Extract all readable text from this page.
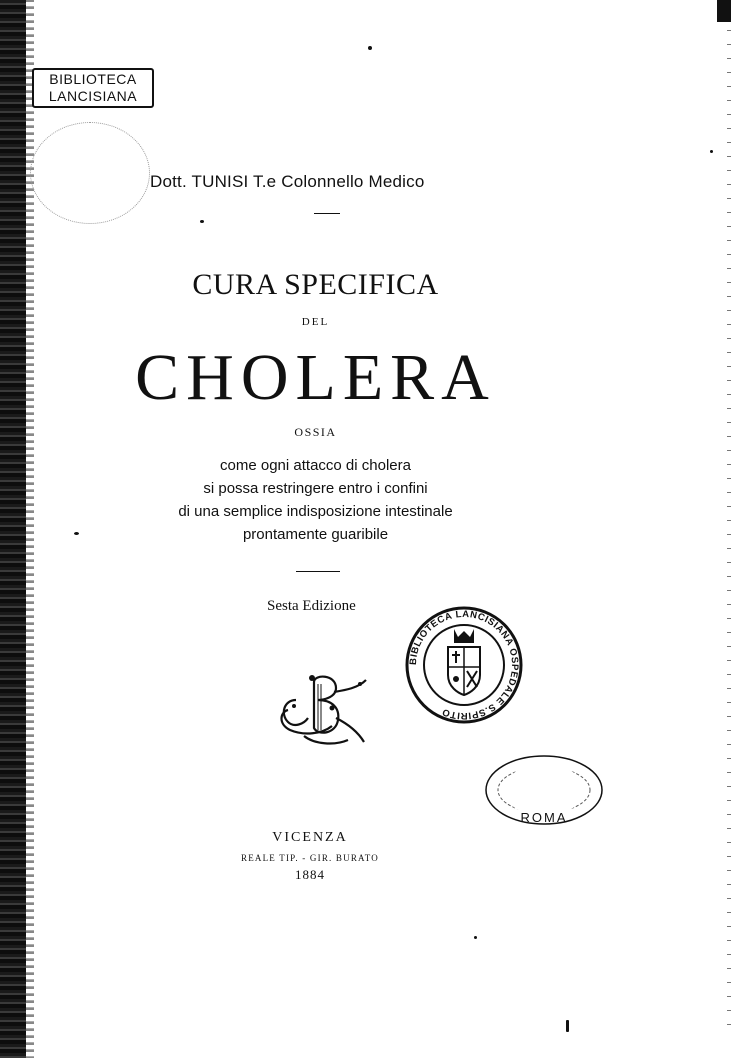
BIBLIOTECA
LANCISIANA
Dott. TUNISI T.e Colonnello Medico
CURA SPECIFICA
DEL
CHOLERA
OSSIA
come ogni attacco di cholera
si possa restringere entro i confini
di una semplice indisposizione intestinale
prontamente guaribile
Sesta Edizione
BIBLIOTECA LANCISIANA OSPEDALE S.SPIRITO
ROMA
VICENZA
REALE TIP. - GIR. BURATO
1884
